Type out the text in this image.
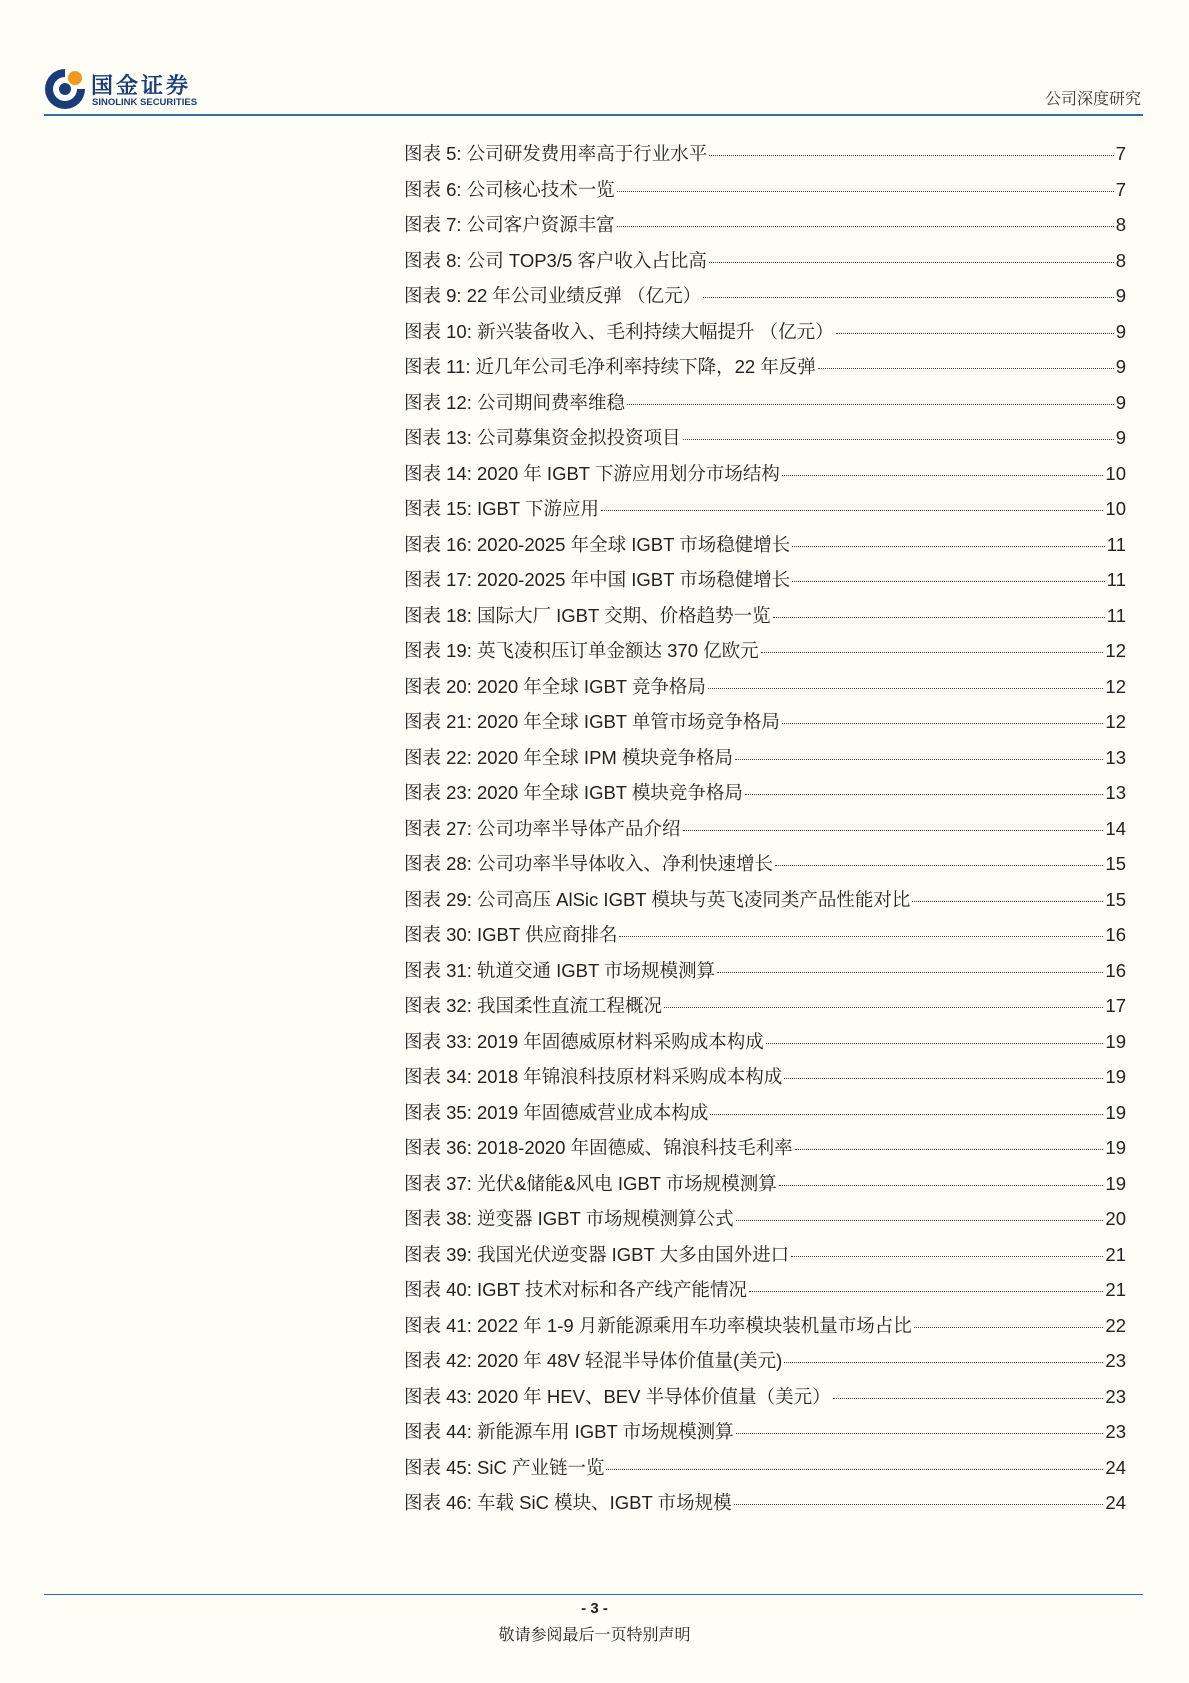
国金证券
SINOLINK SECURITIES	公司深度研究
图表 5: 公司研发费用率高于行业水平	7
图表 6: 公司核心技术一览	7
图表 7: 公司客户资源丰富	8
图表 8: 公司 TOP3/5 客户收入占比高	8
图表 9: 22 年公司业绩反弹 （亿元）	9
图表 10: 新兴装备收入、毛利持续大幅提升 （亿元）	9
图表 11: 近几年公司毛净利率持续下降，22 年反弹	9
图表 12: 公司期间费率维稳	9
图表 13: 公司募集资金拟投资项目	9
图表 14: 2020 年 IGBT 下游应用划分市场结构	10
图表 15: IGBT 下游应用	10
图表 16: 2020-2025 年全球 IGBT 市场稳健增长	11
图表 17: 2020-2025 年中国 IGBT 市场稳健增长	11
图表 18: 国际大厂 IGBT 交期、价格趋势一览	11
图表 19: 英飞凌积压订单金额达 370 亿欧元	12
图表 20: 2020 年全球 IGBT 竞争格局	12
图表 21: 2020 年全球 IGBT 单管市场竞争格局	12
图表 22: 2020 年全球 IPM 模块竞争格局	13
图表 23: 2020 年全球 IGBT 模块竞争格局	13
图表 27: 公司功率半导体产品介绍	14
图表 28: 公司功率半导体收入、净利快速增长	15
图表 29: 公司高压 AlSic IGBT 模块与英飞凌同类产品性能对比	15
图表 30: IGBT 供应商排名	16
图表 31: 轨道交通 IGBT 市场规模测算	16
图表 32: 我国柔性直流工程概况	17
图表 33: 2019 年固德威原材料采购成本构成	19
图表 34: 2018 年锦浪科技原材料采购成本构成	19
图表 35: 2019 年固德威营业成本构成	19
图表 36: 2018-2020 年固德威、锦浪科技毛利率	19
图表 37: 光伏&储能&风电 IGBT 市场规模测算	19
图表 38: 逆变器 IGBT 市场规模测算公式	20
图表 39: 我国光伏逆变器 IGBT 大多由国外进口	21
图表 40: IGBT 技术对标和各产线产能情况	21
图表 41: 2022 年 1-9 月新能源乘用车功率模块装机量市场占比	22
图表 42: 2020 年 48V 轻混半导体价值量(美元)	23
图表 43: 2020 年 HEV、BEV 半导体价值量（美元）	23
图表 44: 新能源车用 IGBT 市场规模测算	23
图表 45: SiC 产业链一览	24
图表 46: 车载 SiC 模块、IGBT 市场规模	24
- 3 -
敬请参阅最后一页特别声明
